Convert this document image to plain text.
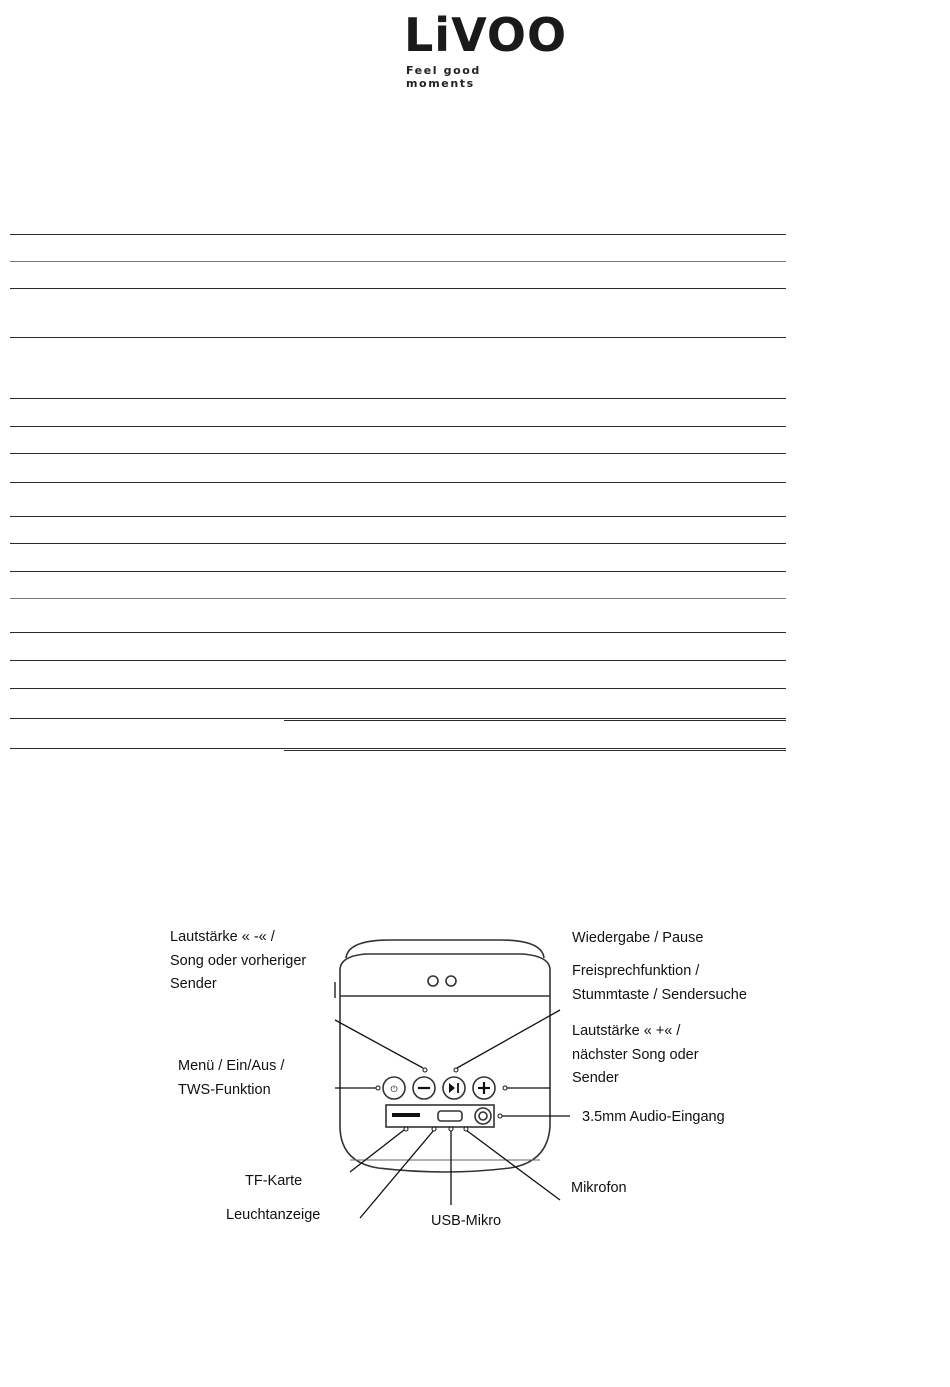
LiVOO
Feel good moments
⏻
Lautstärke « -« /
Song oder vorheriger
Sender
Wiedergabe / Pause
Freisprechfunktion /
Stummtaste / Sendersuche
Lautstärke « +« /
nächster Song oder
Sender
Menü / Ein/Aus /
TWS-Funktion
3.5mm Audio-Eingang
TF-Karte
Leuchtanzeige	USB-Mikro
Mikrofon
